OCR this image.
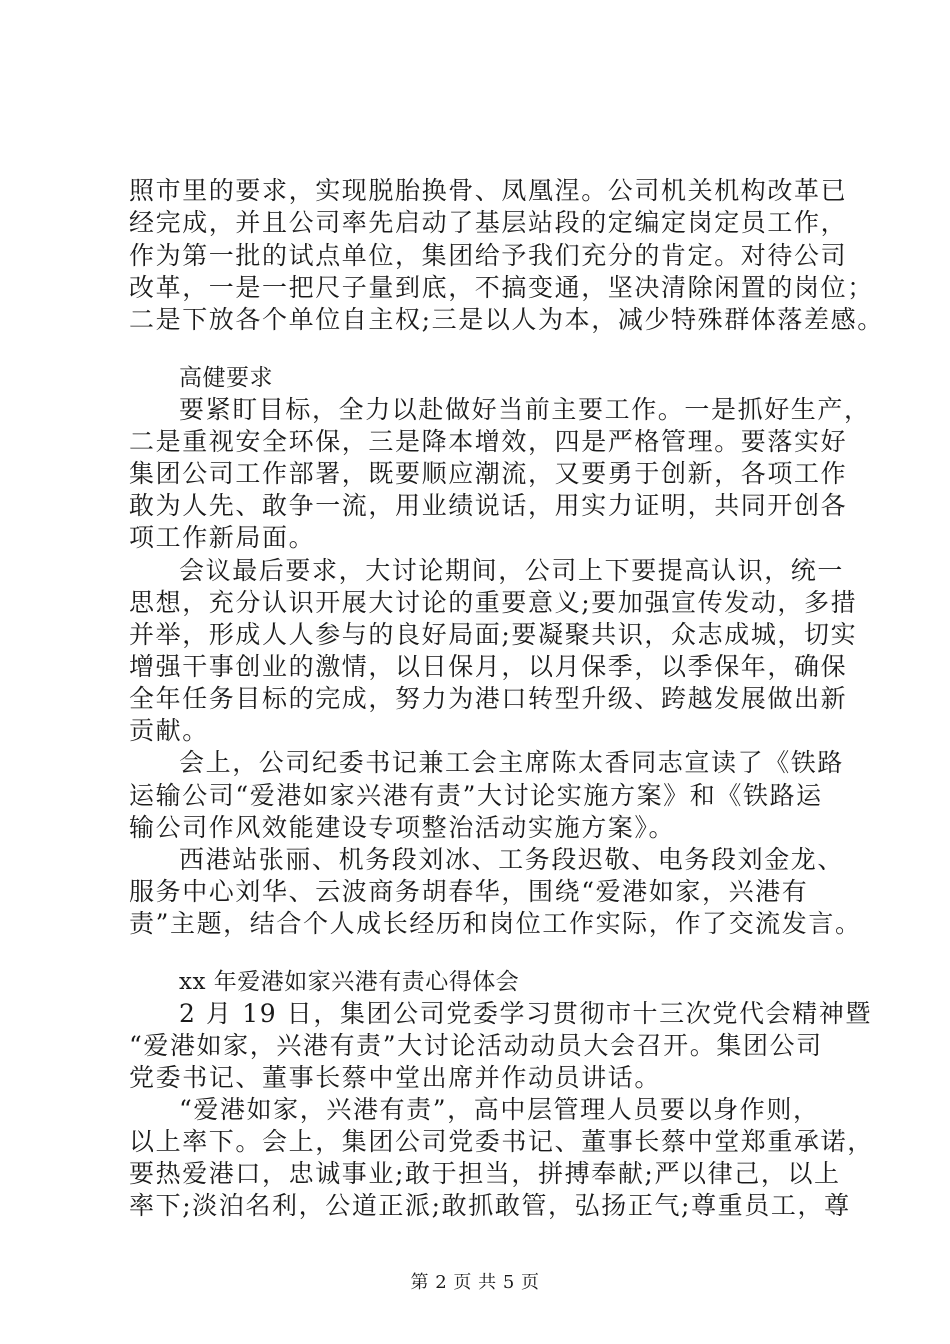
照市里的要求，实现脱胎换骨、凤凰涅。公司机关机构改革已
经完成，并且公司率先启动了基层站段的定编定岗定员工作，
作为第一批的试点单位，集团给予我们充分的肯定。对待公司
改革，一是一把尺子量到底，不搞变通，坚决清除闲置的岗位；
二是下放各个单位自主权;三是以人为本，减少特殊群体落差感。
高健要求
要紧盯目标，全力以赴做好当前主要工作。一是抓好生产，
二是重视安全环保，三是降本增效，四是严格管理。要落实好
集团公司工作部署，既要顺应潮流，又要勇于创新，各项工作
敢为人先、敢争一流，用业绩说话，用实力证明，共同开创各
项工作新局面。
会议最后要求，大讨论期间，公司上下要提高认识，统一
思想，充分认识开展大讨论的重要意义;要加强宣传发动，多措
并举，形成人人参与的良好局面;要凝聚共识，众志成城，切实
增强干事创业的激情，以日保月，以月保季，以季保年，确保
全年任务目标的完成，努力为港口转型升级、跨越发展做出新
贡献。
会上，公司纪委书记兼工会主席陈太香同志宣读了《铁路
运输公司“爱港如家兴港有责”大讨论实施方案》和《铁路运
输公司作风效能建设专项整治活动实施方案》。
西港站张丽、机务段刘冰、工务段迟敬、电务段刘金龙、
服务中心刘华、云波商务胡春华，围绕“爱港如家，兴港有
责”主题，结合个人成长经历和岗位工作实际，作了交流发言。
xx 年爱港如家兴港有责心得体会
2 月 19 日，集团公司党委学习贯彻市十三次党代会精神暨
“爱港如家，兴港有责”大讨论活动动员大会召开。集团公司
党委书记、董事长蔡中堂出席并作动员讲话。
“爱港如家，兴港有责”，高中层管理人员要以身作则，
以上率下。会上，集团公司党委书记、董事长蔡中堂郑重承诺，
要热爱港口，忠诚事业;敢于担当，拼搏奉献;严以律己，以上
率下;淡泊名利，公道正派;敢抓敢管，弘扬正气;尊重员工，尊
第 2 页 共 5 页
